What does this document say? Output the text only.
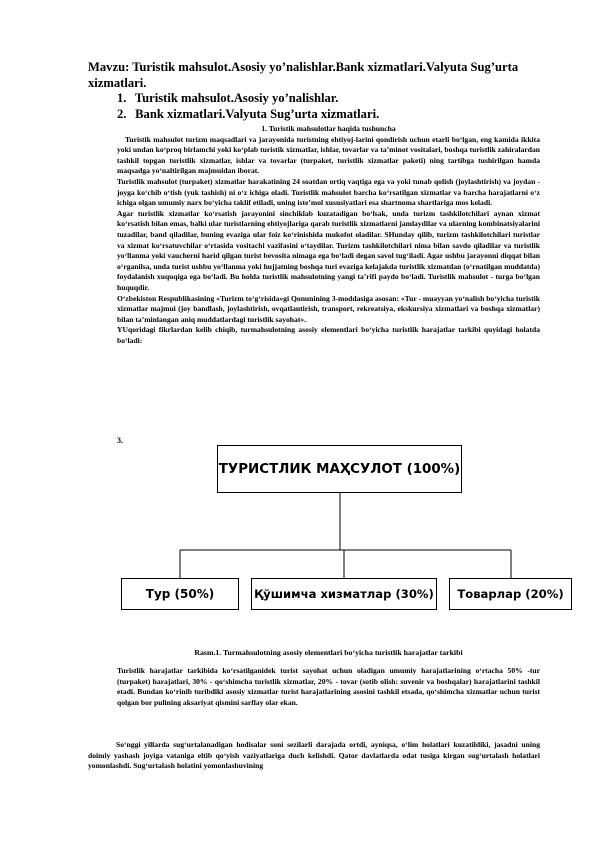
Mavzu: Turistik mahsulot.Asosiy yo’nalishlar.Bank xizmatlari.Valyuta Sug’urta xizmatlari.
1. Turistik mahsulot.Asosiy yo’nalishlar.
2. Bank xizmatlari.Valyuta Sug’urta xizmatlari.

1. Turistik mahsulotlar haqida tushuncha

Turistik mahsulot turizm maqsadlari va jarayonida turistning ehtiyoj-larini qondirish uchun etarli bo‘lgan, eng kamida ikkita yoki undan ko‘proq birlamchi yoki ko‘plab turistik xizmatlar, ishlar, tovarlar va ta’minot vositalari, boshqa turistlik zahiralardan tashkil topgan turistlik xizmatlar, ishlar va tovarlar (turpaket, turistlik xizmatlar paketi) ning tartibga tushirilgan hamda maqsadga yo‘naltirilgan majmuidan iborat.

Turistlik mahsulot (turpaket) xizmatlar harakatining 24 soatdan ortiq vaqtiga ega va yoki tunab qolish (joylashtirish) va joydan -joyga ko‘chib o‘tish (yuk tashish) ni o‘z ichiga oladi. Turistlik mahsulot barcha ko‘rsatilgan xizmatlar va barcha harajatlarni o‘z ichiga olgan umumiy narx bo‘yicha taklif etiladi, uning iste’mol xususiyatlari esa shartnoma shartlariga mos keladi.

Agar turistlik xizmatlar ko‘rsatish jarayonini sinchiklab kuzatadigan bo‘lsak, unda turizm tashkilotchilari aynan xizmat ko‘rsatish bilan emas, balki ular turistlarning ehtiyojlariga qarab turistlik xizmatlarni jamlaydilar va ularning kombinatsiyalarini tuzadilar, band qiladilar, buning evaziga ular foiz ko‘rinishida mukofot oladilar. SHunday qilib, turizm tashkilotchilari turistlar va xizmat ko‘rsatuvchilar o‘rtasida vositachi vazifasini o‘taydilar. Turizm tashkilotchilari nima bilan savdo qiladilar va turistlik yo‘llanma yoki vaucherni harid qilgan turist bevosita nimaga ega bo‘ladi degan savol tug‘iladi. Agar ushbu jarayonni diqqat bilan o‘rganilsa, unda turist ushbu yo‘llanma yoki hujjatning boshqa turi evaziga kelajakda turistlik xizmatdan (o‘rnatilgan muddatda) foydalanish xuquqiga ega bo‘ladi. Bu holda turistlik mahsulotning yangi ta’rifi paydo bo‘ladi. Turistlik mahsulot - turga bo‘lgan huquqdir.

O‘zbekiston Respublikasining «Turizm to‘g‘risida»gi Qonunining 3-moddasiga asosan: «Tur - muayyan yo‘nalish bo‘yicha turistik xizmatlar majmui (joy bandlash, joylashtirish, ovqatlantirish, transport, rekreatsiya, ekskursiya xizmatlari va boshqa xizmatlar) bilan ta’minlangan aniq muddatlardagi turistlik sayohat».

YUqoridagi fikrlardan kelib chiqib, turmahsulotning asosiy elementlari bo‘yicha turistlik harajatlar tarkibi quyidagi holatda bo‘ladi:

3.
ТУРИСТЛИК МАҲСУЛОТ (100%)
Тур (50%)	Қўшимча хизматлар (30%)	Товарлар (20%)
Rasm.1. Turmahsulotning asosiy elementlari bo‘yicha turistlik harajatlar tarkibi

Turistlik harajatlar tarkibida ko‘rsatilganidek turist sayohat uchun oladigan umumiy harajatlarining o‘rtacha 50% -tur (turpaket) harajatlari, 30% - qo‘shimcha turistlik xizmatlar, 20% - tovar (sotib olish: suvenir va boshqalar) harajatlarini tashkil etadi. Bundan ko‘rinib turibdiki asosiy xizmatlar turist harajatlarining asosini tashkil etsada, qo‘shimcha xizmatlar uchun turist qolgan bor pulining aksariyat qismini sarflay olar ekan.

So‘nggi yillarda sug‘urtalanadigan hodisalar soni sezilarli darajada ortdi, ayniqsa, o‘lim holatlari kuzatildiki, jasadni uning doimiy yashash joyiga vataniga eltib qo‘yish vaziyatlariga duch kelishdi. Qator davlatlarda odat tusiga kirgan sug‘urtalash holatlari yomonlashdi. Sug‘urtalash holatini yomonlashuvining
